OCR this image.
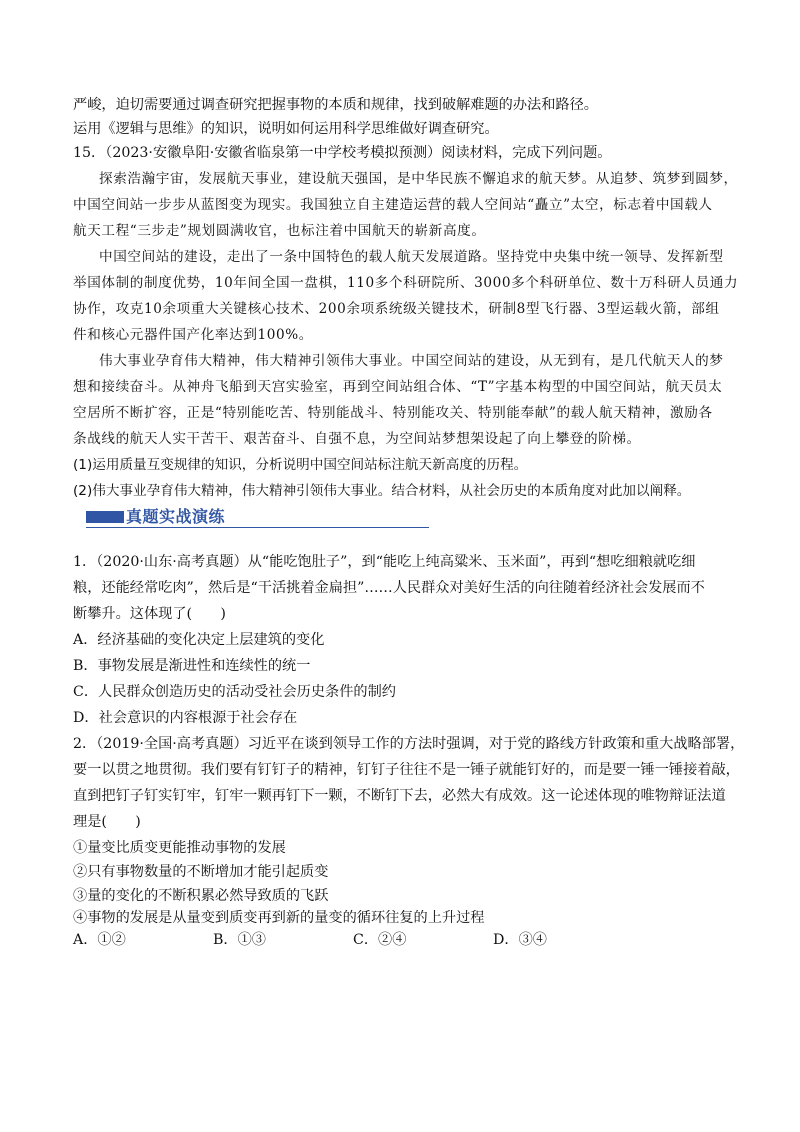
严峻，迫切需要通过调查研究把握事物的本质和规律，找到破解难题的办法和路径。
运用《逻辑与思维》的知识，说明如何运用科学思维做好调查研究。
15．（2023·安徽阜阳·安徽省临泉第一中学校考模拟预测）阅读材料，完成下列问题。
探索浩瀚宇宙，发展航天事业，建设航天强国，是中华民族不懈追求的航天梦。从追梦、筑梦到圆梦，
中国空间站一步步从蓝图变为现实。我国独立自主建造运营的载人空间站“矗立”太空，标志着中国载人
航天工程“三步走”规划圆满收官，也标注着中国航天的崭新高度。
中国空间站的建设，走出了一条中国特色的载人航天发展道路。坚持党中央集中统一领导、发挥新型
举国体制的制度优势，10年间全国一盘棋，110多个科研院所、3000多个科研单位、数十万科研人员通力
协作，攻克10余项重大关键核心技术、200余项系统级关键技术，研制8型飞行器、3型运载火箭，部组
件和核心元器件国产化率达到100%。
伟大事业孕育伟大精神，伟大精神引领伟大事业。中国空间站的建设，从无到有，是几代航天人的梦
想和接续奋斗。从神舟飞船到天宫实验室，再到空间站组合体、“T”字基本构型的中国空间站，航天员太
空居所不断扩容，正是“特别能吃苦、特别能战斗、特别能攻关、特别能奉献”的载人航天精神，激励各
条战线的航天人实干苦干、艰苦奋斗、自强不息，为空间站梦想架设起了向上攀登的阶梯。
(1)运用质量互变规律的知识，分析说明中国空间站标注航天新高度的历程。
(2)伟大事业孕育伟大精神，伟大精神引领伟大事业。结合材料，从社会历史的本质角度对此加以阐释。
真题实战演练
1．（2020·山东·高考真题）从“能吃饱肚子”，到“能吃上纯高粱米、玉米面”，再到“想吃细粮就吃细
粮，还能经常吃肉”，然后是“干活挑着金扁担”……人民群众对美好生活的向往随着经济社会发展而不
断攀升。这体现了(　　)
A．经济基础的变化决定上层建筑的变化
B．事物发展是渐进性和连续性的统一
C．人民群众创造历史的活动受社会历史条件的制约
D．社会意识的内容根源于社会存在
2．（2019·全国·高考真题）习近平在谈到领导工作的方法时强调，对于党的路线方针政策和重大战略部署，
要一以贯之地贯彻。我们要有钉钉子的精神，钉钉子往往不是一锤子就能钉好的，而是要一锤一锤接着敲，
直到把钉子钉实钉牢，钉牢一颗再钉下一颗，不断钉下去，必然大有成效。这一论述体现的唯物辩证法道
理是(　　)
①量变比质变更能推动事物的发展
②只有事物数量的不断增加才能引起质变
③量的变化的不断积累必然导致质的飞跃
④事物的发展是从量变到质变再到新的量变的循环往复的上升过程
A．①②	B．①③	C．②④	D．③④
